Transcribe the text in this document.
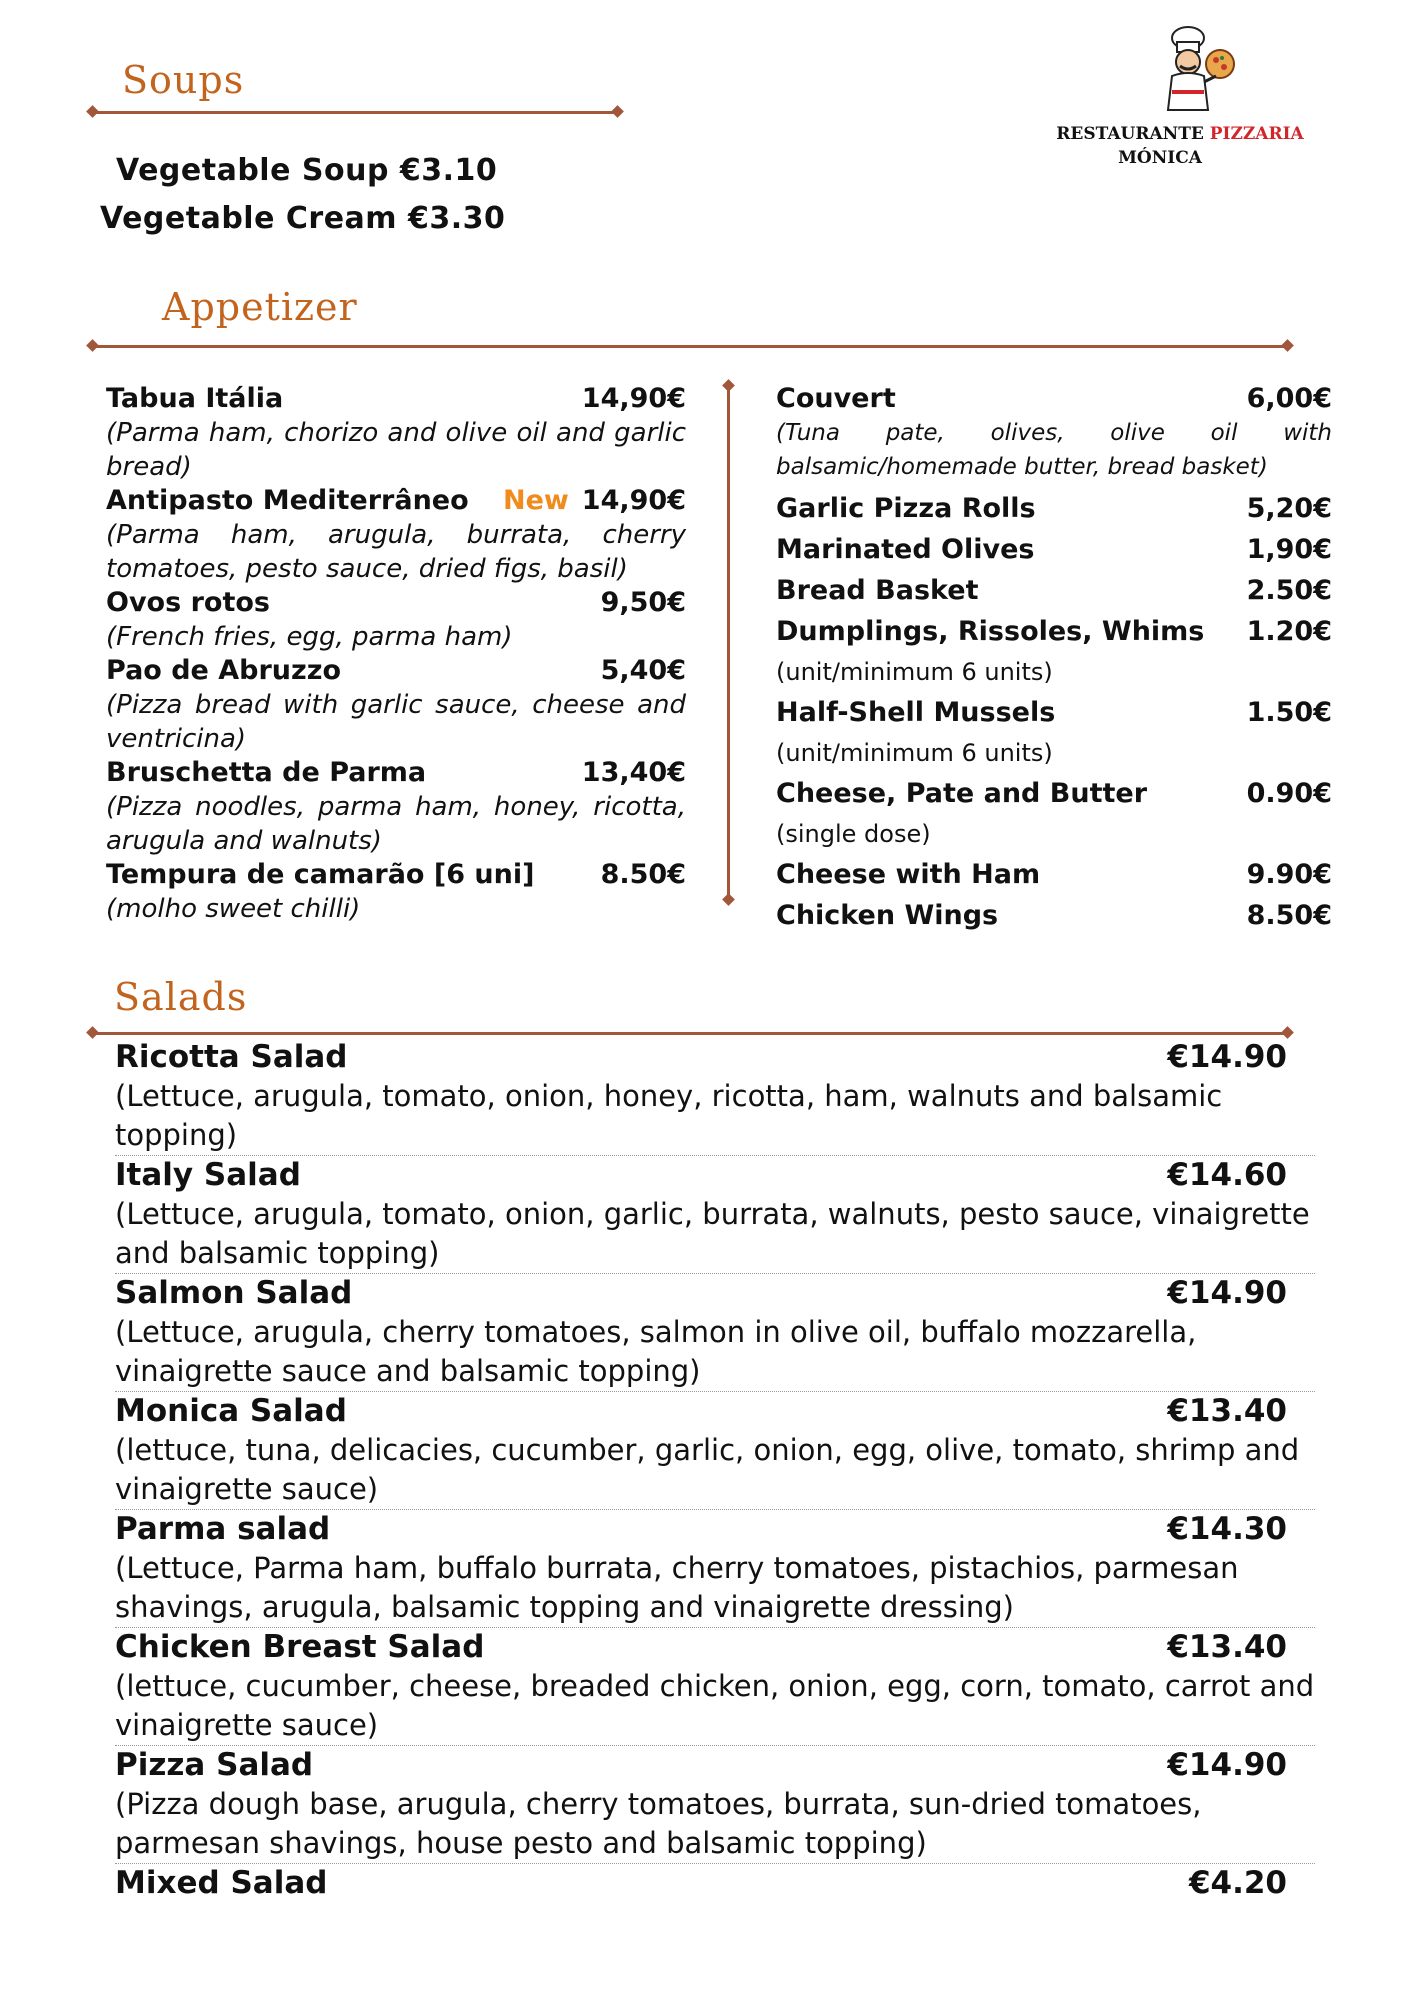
Soups
Vegetable Soup €3.10
Vegetable Cream €3.30
RESTAURANTE PIZZARIA
MÓNICA
Appetizer
Tabua Itália	14,90€
(Parma ham, chorizo and olive oil and garlic bread)
Antipasto Mediterrâneo New 14,90€
(Parma ham, arugula, burrata, cherry tomatoes, pesto sauce, dried figs, basil)
Ovos rotos	9,50€
(French fries, egg, parma ham)
Pao de Abruzzo	5,40€
(Pizza bread with garlic sauce, cheese and ventricina)
Bruschetta de Parma	13,40€
(Pizza noodles, parma ham, honey, ricotta, arugula and walnuts)
Tempura de camarão [6 uni] 8.50€
(molho sweet chilli)
Couvert	6,00€
(Tuna pate, olives, olive oil with balsamic/homemade butter, bread basket)
Garlic Pizza Rolls	5,20€
Marinated Olives	1,90€
Bread Basket	2.50€
Dumplings, Rissoles, Whims 1.20€
(unit/minimum 6 units)
Half-Shell Mussels	1.50€
(unit/minimum 6 units)
Cheese, Pate and Butter	0.90€
(single dose)
Cheese with Ham	9.90€
Chicken Wings	8.50€
Salads
Ricotta Salad	€14.90
(Lettuce, arugula, tomato, onion, honey, ricotta, ham, walnuts and balsamic topping)
Italy Salad	€14.60
(Lettuce, arugula, tomato, onion, garlic, burrata, walnuts, pesto sauce, vinaigrette and balsamic topping)
Salmon Salad	€14.90
(Lettuce, arugula, cherry tomatoes, salmon in olive oil, buffalo mozzarella, vinaigrette sauce and balsamic topping)
Monica Salad	€13.40
(lettuce, tuna, delicacies, cucumber, garlic, onion, egg, olive, tomato, shrimp and vinaigrette sauce)
Parma salad	€14.30
(Lettuce, Parma ham, buffalo burrata, cherry tomatoes, pistachios, parmesan shavings, arugula, balsamic topping and vinaigrette dressing)
Chicken Breast Salad	€13.40
(lettuce, cucumber, cheese, breaded chicken, onion, egg, corn, tomato, carrot and vinaigrette sauce)
Pizza Salad	€14.90
(Pizza dough base, arugula, cherry tomatoes, burrata, sun-dried tomatoes, parmesan shavings, house pesto and balsamic topping)
Mixed Salad	€4.20
